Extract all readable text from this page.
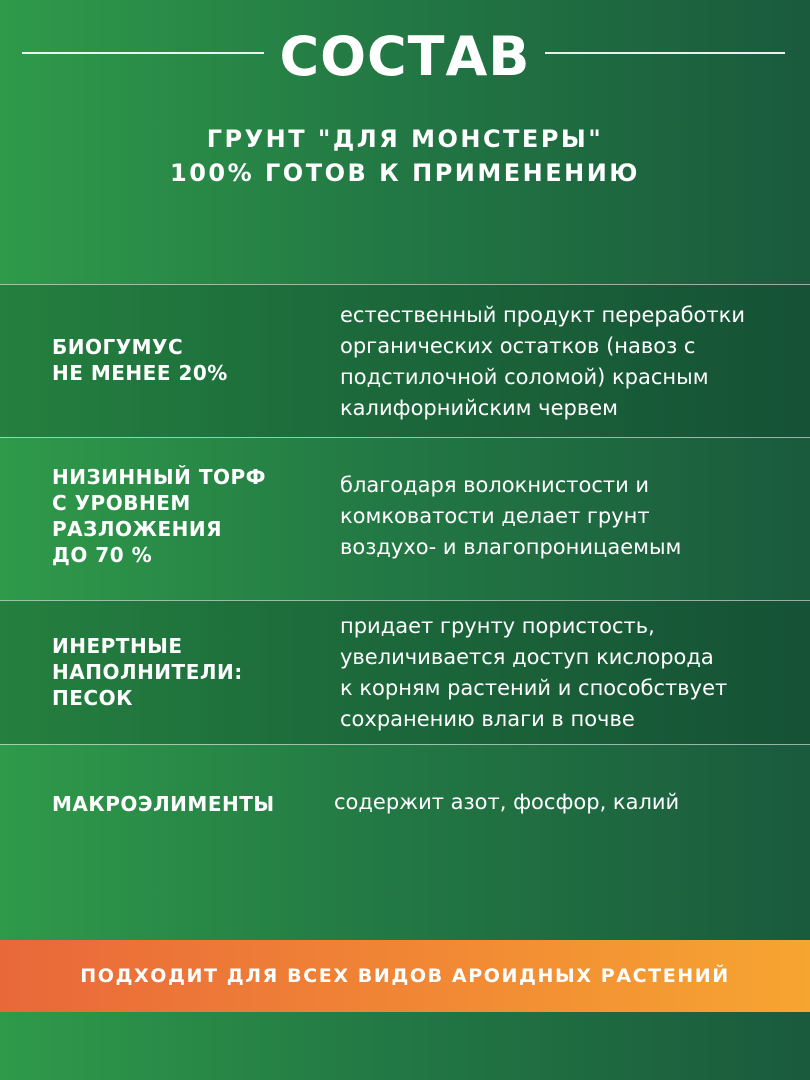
СОСТАВ
ГРУНТ "ДЛЯ МОНСТЕРЫ"
100% ГОТОВ К ПРИМЕНЕНИЮ
БИОГУМУС
НЕ МЕНЕЕ 20%
естественный продукт переработки
органических остатков (навоз с
подстилочной соломой) красным
калифорнийским червем
НИЗИННЫЙ ТОРФ
С УРОВНЕМ
РАЗЛОЖЕНИЯ
ДО 70 %
благодаря волокнистости и
комковатости делает грунт
воздухо- и влагопроницаемым
ИНЕРТНЫЕ
НАПОЛНИТЕЛИ:
ПЕСОК
придает грунту пористость,
увеличивается доступ кислорода
к корням растений и способствует
сохранению влаги в почве
МАКРОЭЛИМЕНТЫ	содержит азот, фосфор, калий
ПОДХОДИТ ДЛЯ ВСЕХ ВИДОВ АРОИДНЫХ РАСТЕНИЙ
